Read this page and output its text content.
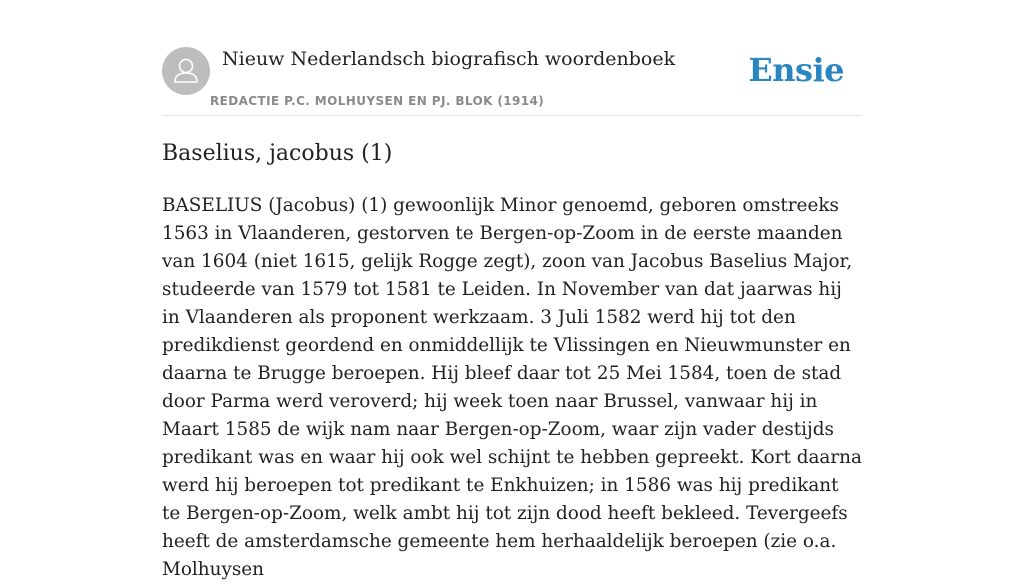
Nieuw Nederlandsch biografisch woordenboek
REDACTIE P.C. MOLHUYSEN EN PJ. BLOK (1914)
Ensie
Baselius, jacobus (1)

BASELIUS (Jacobus) (1) gewoonlijk Minor genoemd, geboren omstreeks 1563 in Vlaanderen, gestorven te Bergen-op-Zoom in de eerste maanden van 1604 (niet 1615, gelijk Rogge zegt), zoon van Jacobus Baselius Major, studeerde van 1579 tot 1581 te Leiden. In November van dat jaarwas hij in Vlaanderen als proponent werkzaam. 3 Juli 1582 werd hij tot den predikdienst geordend en onmiddellijk te Vlissingen en Nieuwmunster en daarna te Brugge beroepen. Hij bleef daar tot 25 Mei 1584, toen de stad door Parma werd veroverd; hij week toen naar Brussel, vanwaar hij in Maart 1585 de wijk nam naar Bergen-op-Zoom, waar zijn vader destijds predikant was en waar hij ook wel schijnt te hebben gepreekt. Kort daarna werd hij beroepen tot predikant te Enkhuizen; in 1586 was hij predikant te Bergen-op-Zoom, welk ambt hij tot zijn dood heeft bekleed. Tevergeefs heeft de amsterdamsche gemeente hem herhaaldelijk beroepen (zie o.a. Molhuysen
